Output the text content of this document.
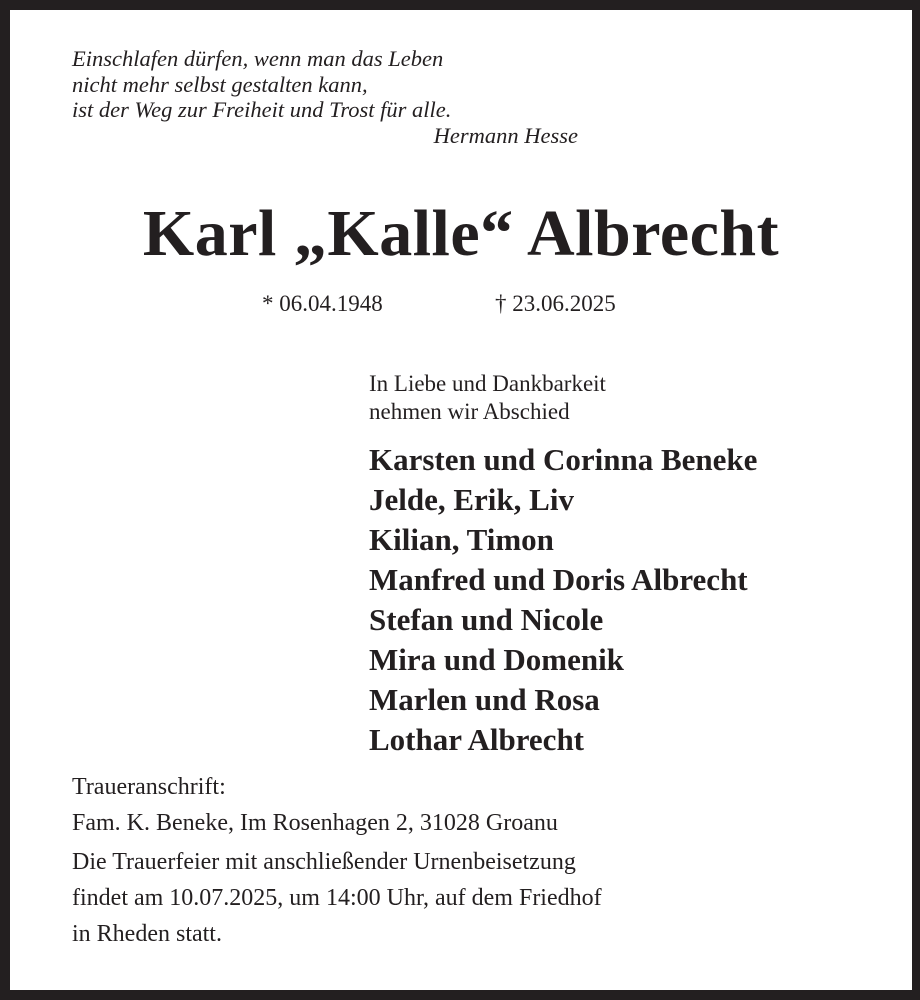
Einschlafen dürfen, wenn man das Leben
nicht mehr selbst gestalten kann,
ist der Weg zur Freiheit und Trost für alle.
Hermann Hesse
Karl „Kalle“ Albrecht
* 06.04.1948	† 23.06.2025
In Liebe und Dankbarkeit
nehmen wir Abschied
Karsten und Corinna Beneke
Jelde, Erik, Liv
Kilian, Timon
Manfred und Doris Albrecht
Stefan und Nicole
Mira und Domenik
Marlen und Rosa
Lothar Albrecht
Traueranschrift:
Fam. K. Beneke, Im Rosenhagen 2, 31028 Groanu
Die Trauerfeier mit anschließender Urnenbeisetzung
findet am 10.07.2025, um 14:00 Uhr, auf dem Friedhof
in Rheden statt.
